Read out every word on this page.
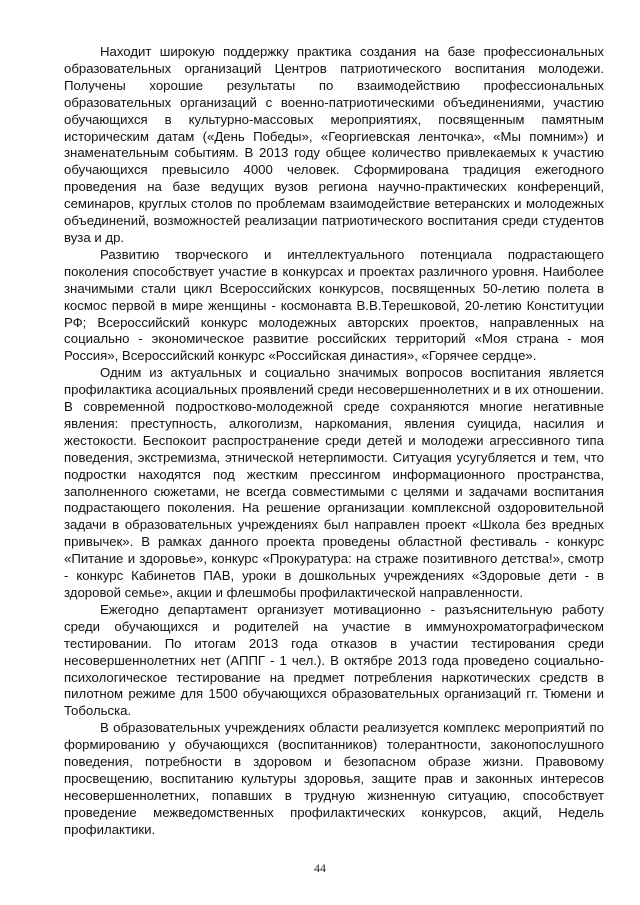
Находит широкую поддержку практика создания на базе профессиональных образовательных организаций Центров патриотического воспитания молодежи. Получены хорошие результаты по взаимодействию профессиональных образовательных организаций с военно-патриотическими объединениями, участию обучающихся в культурно-массовых мероприятиях, посвященным памятным историческим датам («День Победы», «Георгиевская ленточка», «Мы помним») и знаменательным событиям. В 2013 году общее количество привлекаемых к участию обучающихся превысило 4000 человек. Сформирована традиция ежегодного проведения на базе ведущих вузов региона научно-практических конференций, семинаров, круглых столов по проблемам взаимодействие ветеранских и молодежных объединений, возможностей реализации патриотического воспитания среди студентов вуза и др.

Развитию творческого и интеллектуального потенциала подрастающего поколения способствует участие в конкурсах и проектах различного уровня. Наиболее значимыми стали цикл Всероссийских конкурсов, посвященных 50-летию полета в космос первой в мире женщины - космонавта В.В.Терешковой, 20-летию Конституции РФ; Всероссийский конкурс молодежных авторских проектов, направленных на социально - экономическое развитие российских территорий «Моя страна - моя Россия», Всероссийский конкурс «Российская династия», «Горячее сердце».

Одним из актуальных и социально значимых вопросов воспитания является профилактика асоциальных проявлений среди несовершеннолетних и в их отношении. В современной подростково-молодежной среде сохраняются многие негативные явления: преступность, алкоголизм, наркомания, явления суицида, насилия и жестокости. Беспокоит распространение среди детей и молодежи агрессивного типа поведения, экстремизма, этнической нетерпимости. Ситуация усугубляется и тем, что подростки находятся под жестким прессингом информационного пространства, заполненного сюжетами, не всегда совместимыми с целями и задачами воспитания подрастающего поколения. На решение организации комплексной оздоровительной задачи в образовательных учреждениях был направлен проект «Школа без вредных привычек». В рамках данного проекта проведены областной фестиваль - конкурс «Питание и здоровье», конкурс «Прокуратура: на страже позитивного детства!», смотр - конкурс Кабинетов ПАВ, уроки в дошкольных учреждениях «Здоровые дети - в здоровой семье», акции и флешмобы профилактической направленности.

Ежегодно департамент организует мотивационно - разъяснительную работу среди обучающихся и родителей на участие в иммунохроматографическом тестировании. По итогам 2013 года отказов в участии тестирования среди несовершеннолетних нет (АППГ - 1 чел.). В октябре 2013 года проведено социально- психологическое тестирование на предмет потребления наркотических средств в пилотном режиме для 1500 обучающихся образовательных организаций гг. Тюмени и Тобольска.

В образовательных учреждениях области реализуется комплекс мероприятий по формированию у обучающихся (воспитанников) толерантности, законопослушного поведения, потребности в здоровом и безопасном образе жизни. Правовому просвещению, воспитанию культуры здоровья, защите прав и законных интересов несовершеннолетних, попавших в трудную жизненную ситуацию, способствует проведение межведомственных профилактических конкурсов, акций, Недель профилактики.

44
